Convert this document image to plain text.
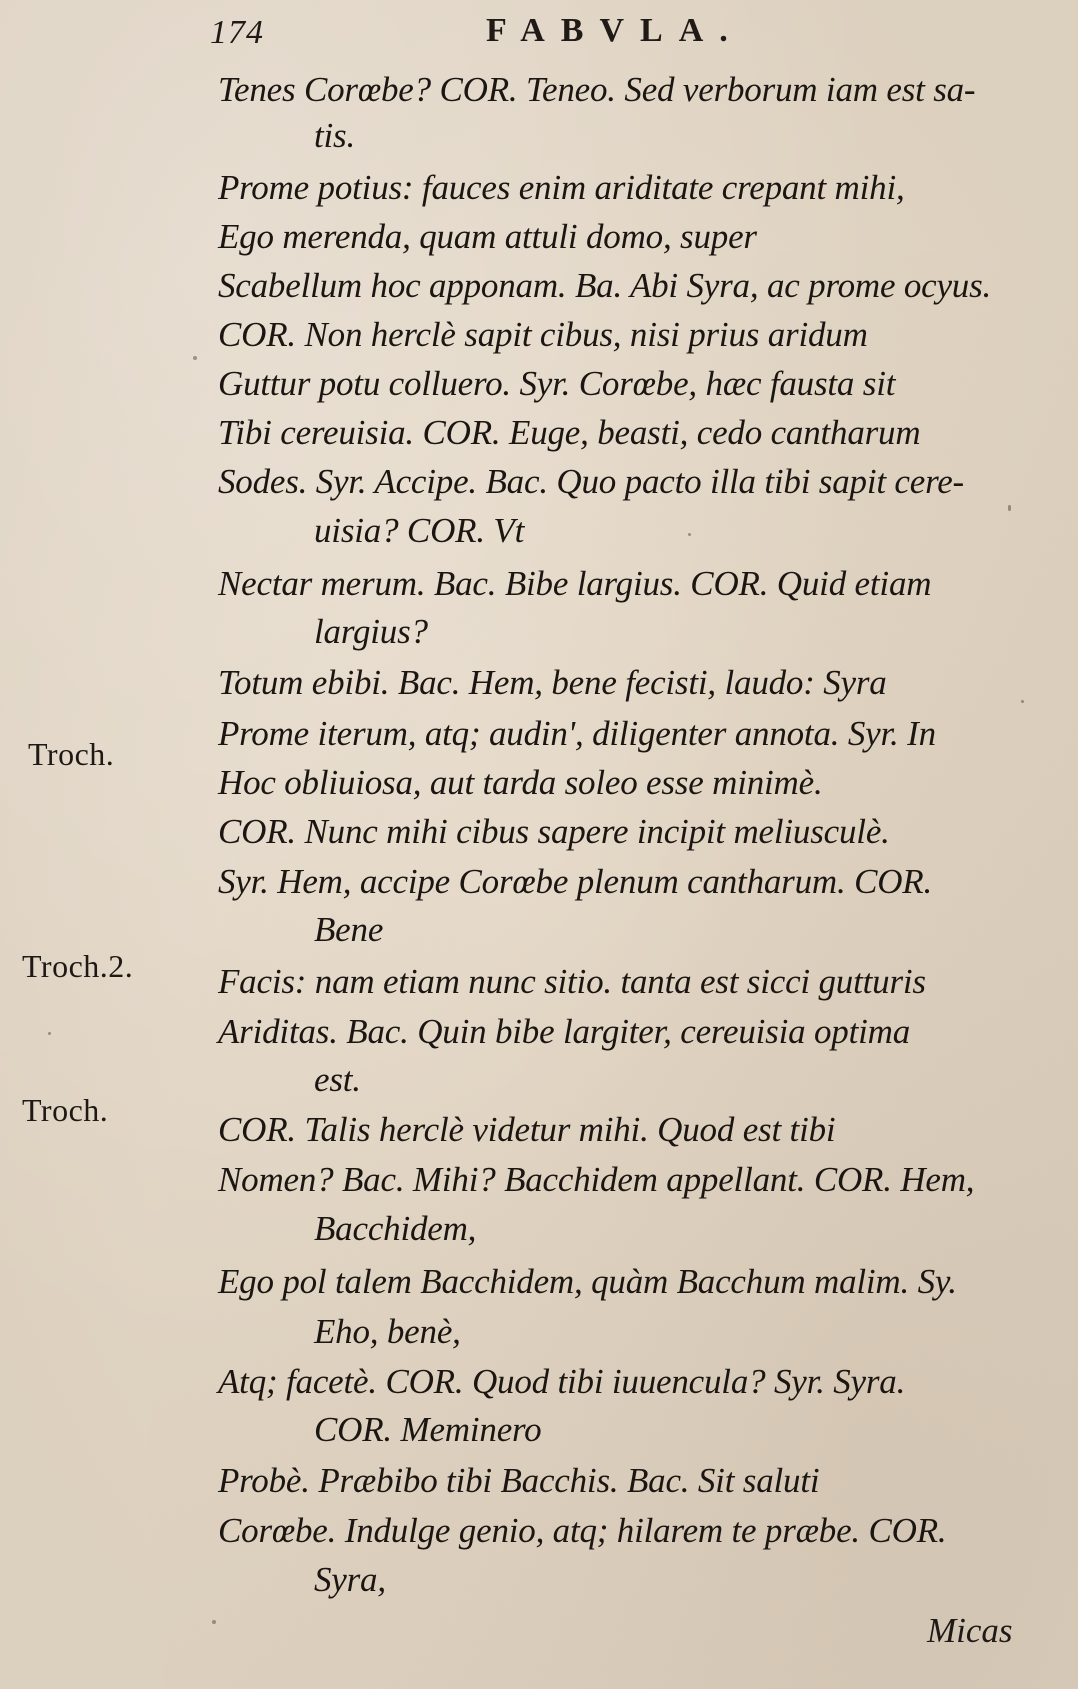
174	FABVLA.
Troch.
Troch.2.
Troch.
Tenes Corœbe? COR. Teneo. Sed verborum iam est sa-
tis.
Prome potius: fauces enim ariditate crepant mihi,
Ego merenda, quam attuli domo, super
Scabellum hoc apponam. Ba. Abi Syra, ac prome ocyus.
COR. Non herclè sapit cibus, nisi prius aridum
Guttur potu colluero. Syr. Corœbe, hæc fausta sit
Tibi cereuisia. COR. Euge, beasti, cedo cantharum
Sodes. Syr. Accipe. Bac. Quo pacto illa tibi sapit cere-
uisia? COR. Vt
Nectar merum. Bac. Bibe largius. COR. Quid etiam
largius?
Totum ebibi. Bac. Hem, bene fecisti, laudo: Syra
Prome iterum, atq; audin', diligenter annota. Syr. In
Hoc obliuiosa, aut tarda soleo esse minimè.
COR. Nunc mihi cibus sapere incipit meliusculè.
Syr. Hem, accipe Corœbe plenum cantharum. COR.
Bene
Facis: nam etiam nunc sitio. tanta est sicci gutturis
Ariditas. Bac. Quin bibe largiter, cereuisia optima
est.
COR. Talis herclè videtur mihi. Quod est tibi
Nomen? Bac. Mihi? Bacchidem appellant. COR. Hem,
Bacchidem,
Ego pol talem Bacchidem, quàm Bacchum malim. Sy.
Eho, benè,
Atq; facetè. COR. Quod tibi iuuencula? Syr. Syra.
COR. Meminero
Probè. Præbibo tibi Bacchis. Bac. Sit saluti
Corœbe. Indulge genio, atq; hilarem te præbe. COR.
Syra,
Micas
